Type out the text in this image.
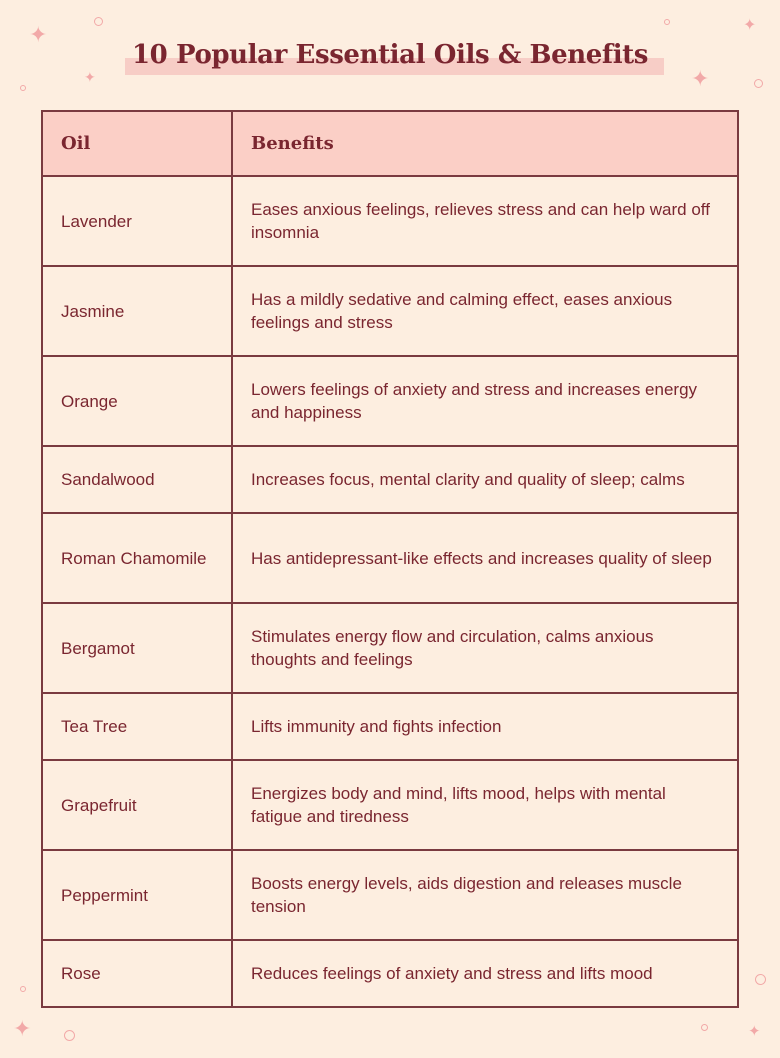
✦
✦
✦
✦
✦	✦
10 Popular Essential Oils & Benefits
Oil	Benefits
Lavender	Eases anxious feelings, relieves stress and can help ward off insomnia
Jasmine	Has a mildly sedative and calming effect, eases anxious feelings and stress
Orange	Lowers feelings of anxiety and stress and increases energy and happiness
Sandalwood	Increases focus, mental clarity and quality of sleep; calms
Roman Chamomile	Has antidepressant-like effects and increases quality of sleep
Bergamot	Stimulates energy flow and circulation, calms anxious thoughts and feelings
Tea Tree	Lifts immunity and fights infection
Grapefruit	Energizes body and mind, lifts mood, helps with mental fatigue and tiredness
Peppermint	Boosts energy levels, aids digestion and releases muscle tension
Rose	Reduces feelings of anxiety and stress and lifts mood
